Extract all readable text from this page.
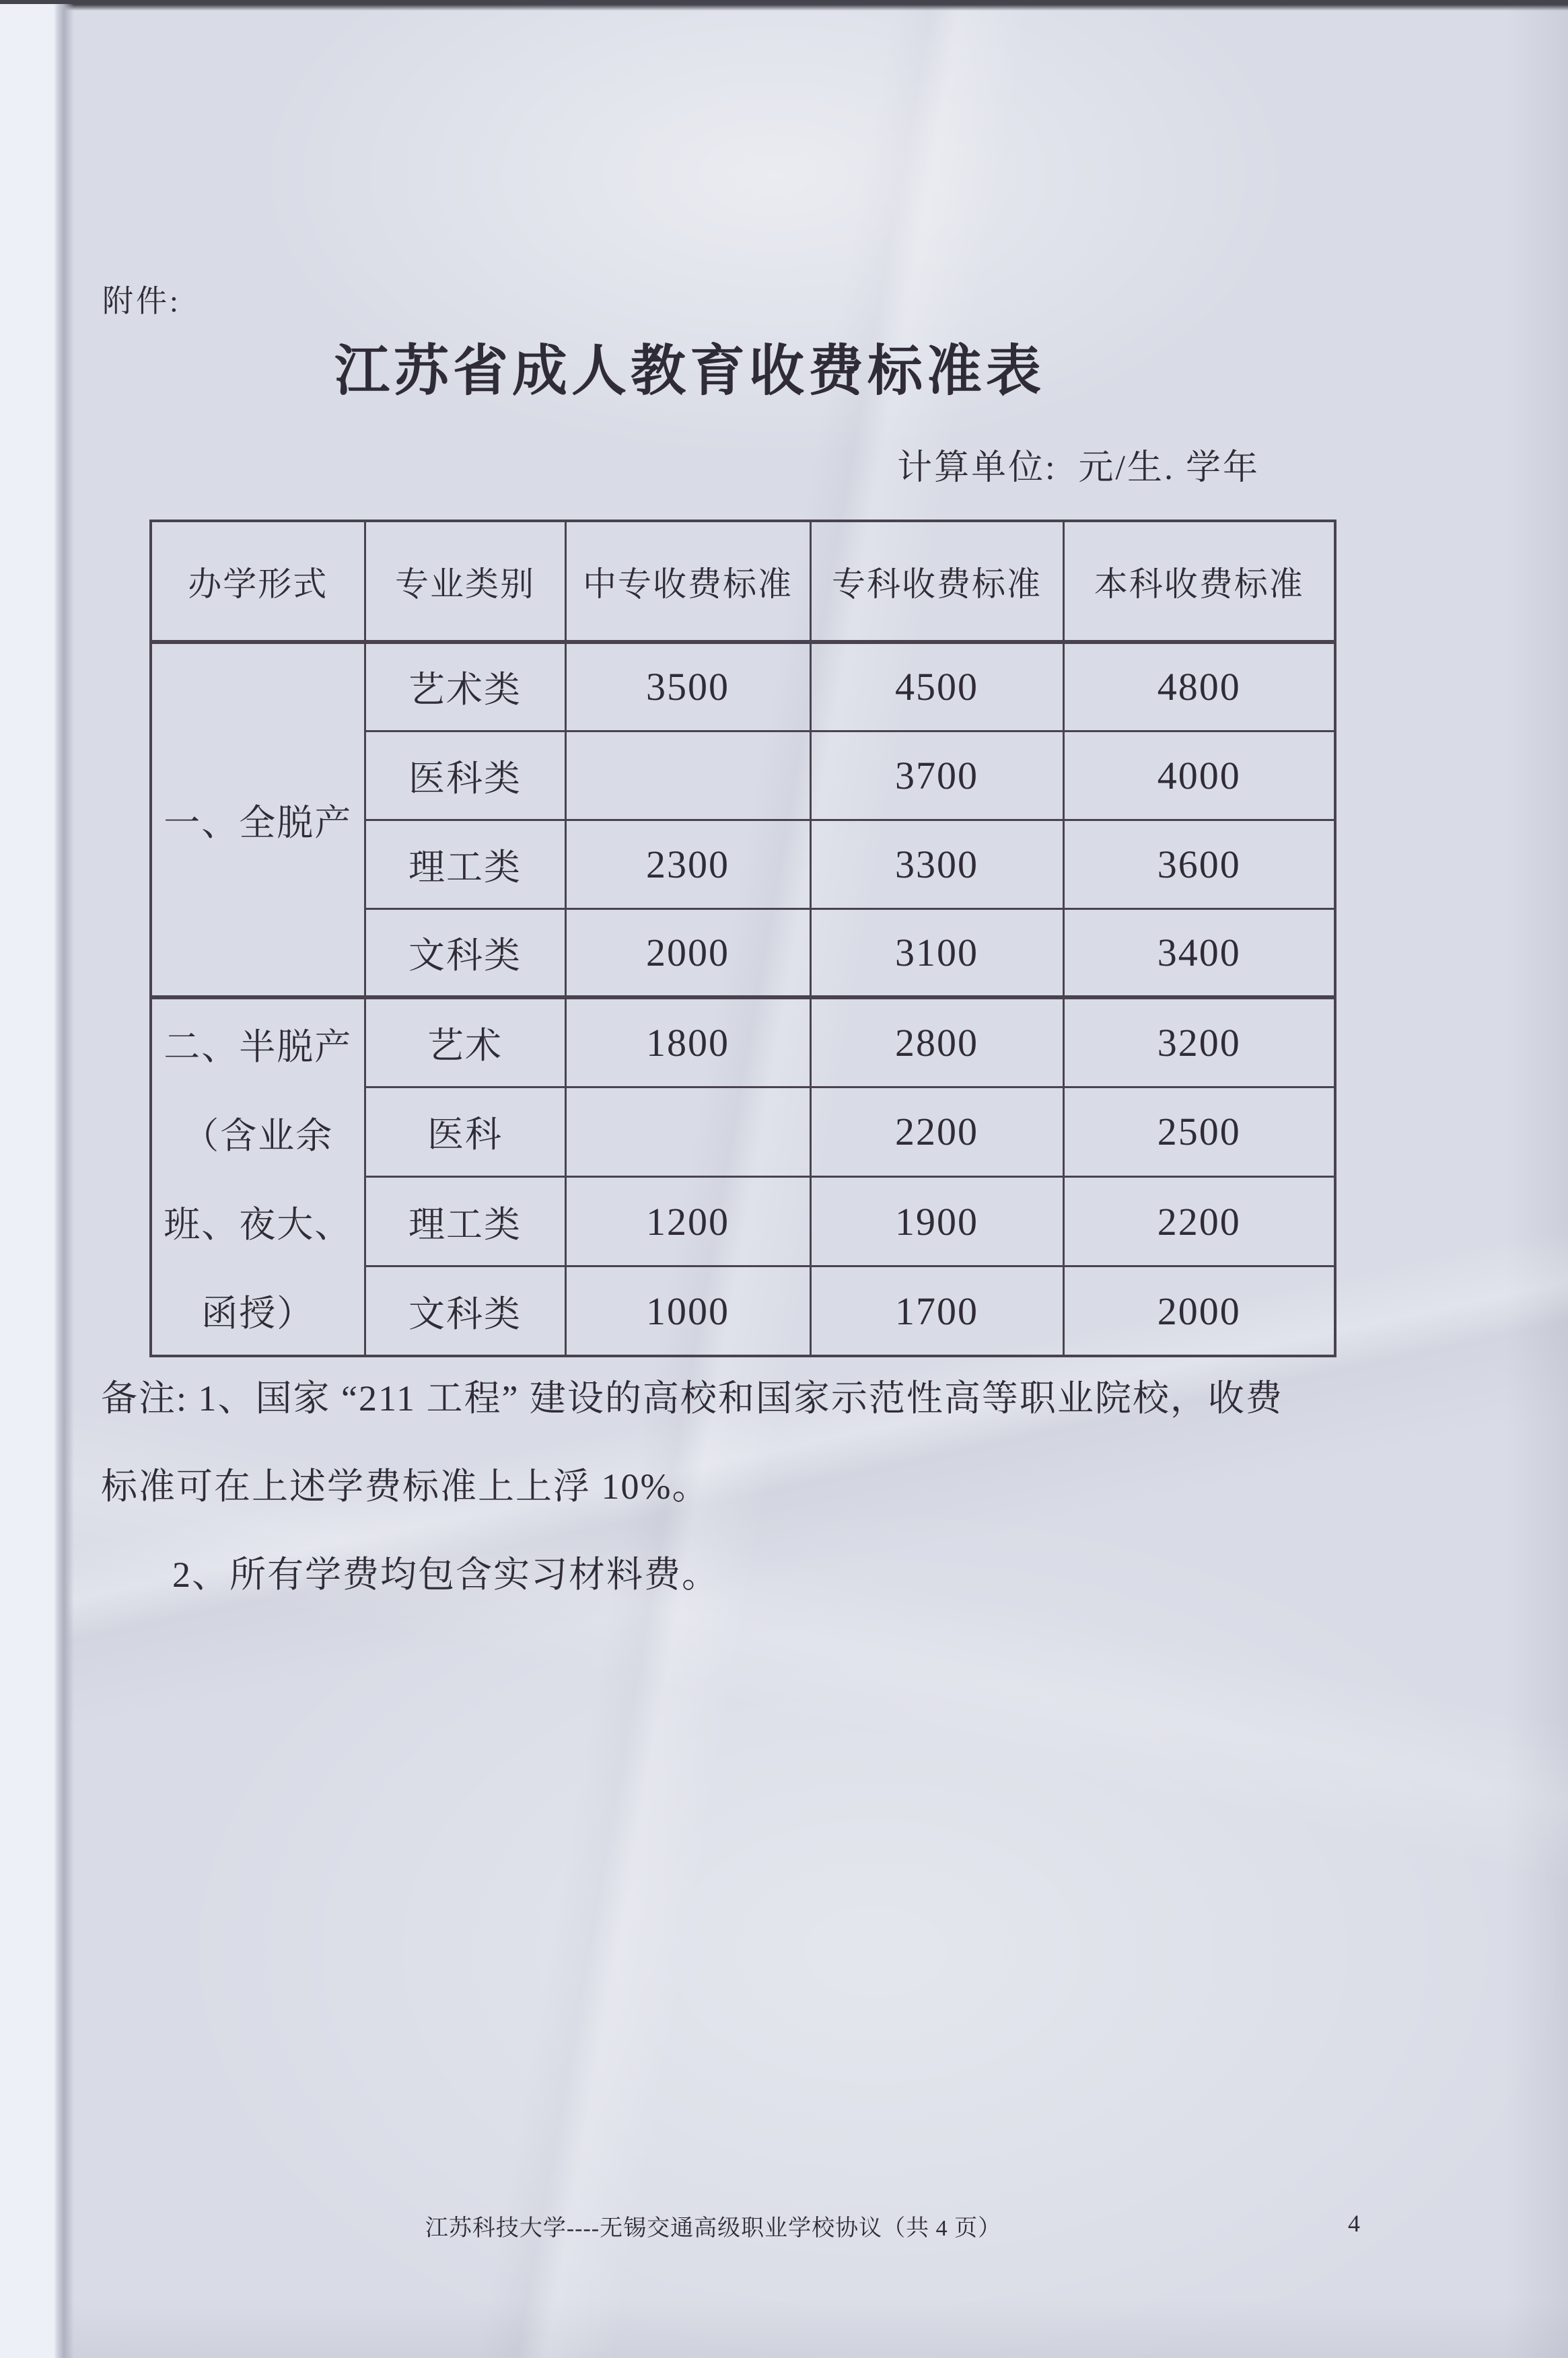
附件:
江苏省成人教育收费标准表
计算单位:  元/生. 学年
办学形式	专业类别	中专收费标准	专科收费标准	本科收费标准

一、全脱产	艺术类	3500	4500	4800
	医科类		3700	4000
	理工类	2300	3300	3600
	文科类	2000	3100	3400

二、半脱产
（含业余
班、夜大、
函授）	艺术	1800	2800	3200
	医科		2200	2500
	理工类	1200	1900	2200
	文科类	1000	1700	2000
备注: 1、国家 “211 工程” 建设的高校和国家示范性高等职业院校，收费
标准可在上述学费标准上上浮 10%。
2、所有学费均包含实习材料费。
江苏科技大学----无锡交通高级职业学校协议（共 4 页）	4
